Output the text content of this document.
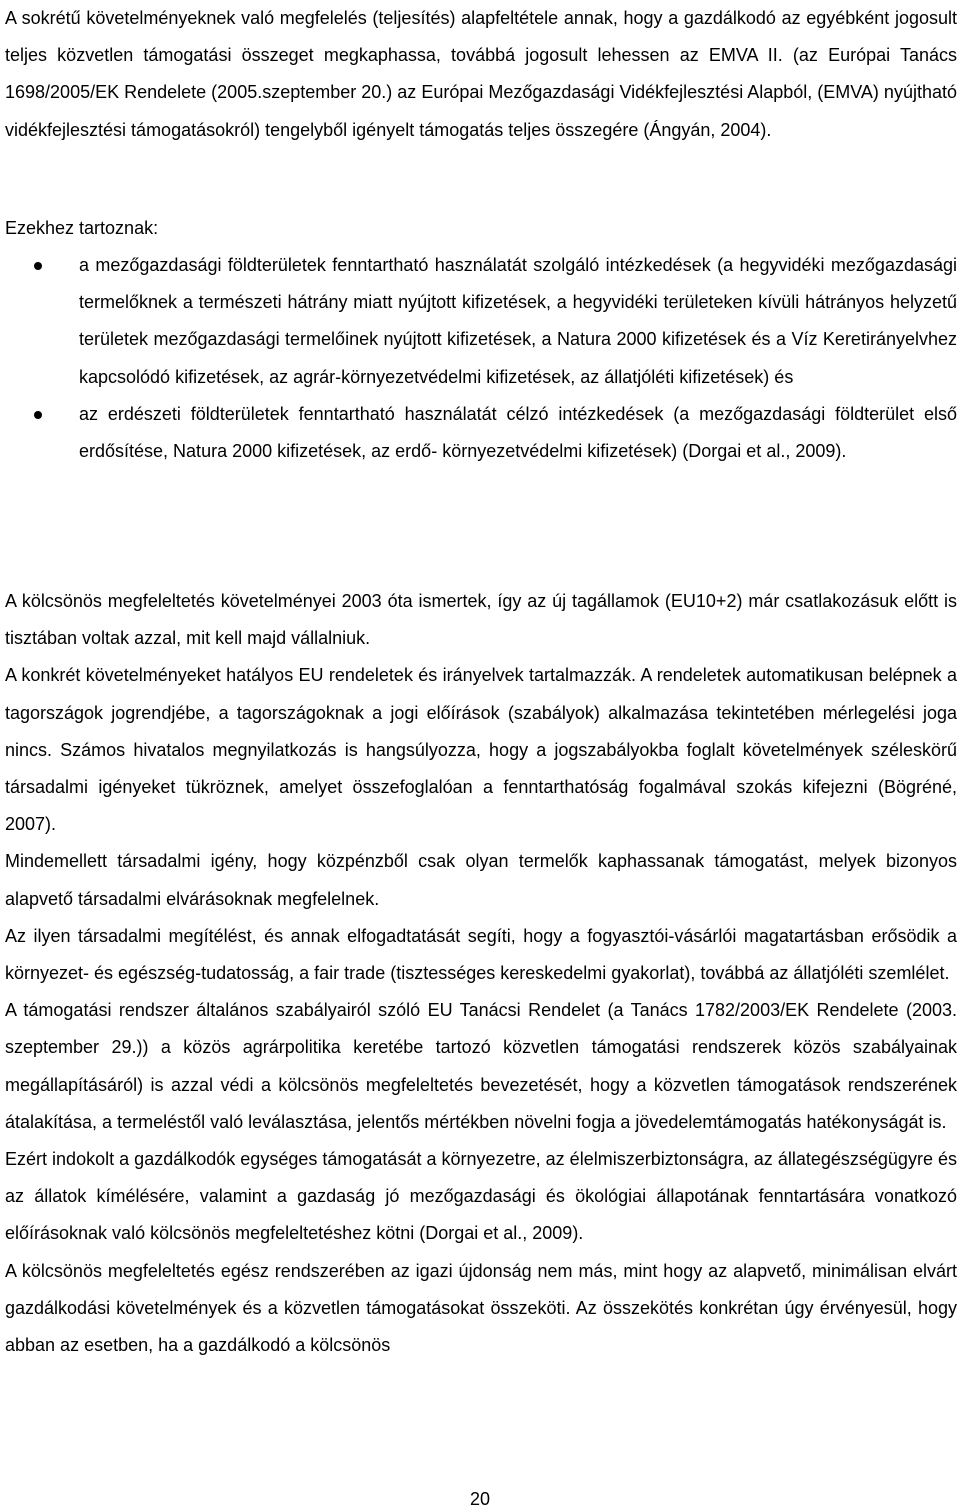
A sokrétű követelményeknek való megfelelés (teljesítés) alapfeltétele annak, hogy a gazdálkodó az egyébként jogosult teljes közvetlen támogatási összeget megkaphassa, továbbá jogosult lehessen az EMVA II. (az Európai Tanács 1698/2005/EK Rendelete (2005.szeptember 20.) az Európai Mezőgazdasági Vidékfejlesztési Alapból, (EMVA) nyújtható vidékfejlesztési támogatásokról) tengelyből igényelt támogatás teljes összegére (Ángyán, 2004).

Ezekhez tartoznak:

a mezőgazdasági földterületek fenntartható használatát szolgáló intézkedések (a hegyvidéki mezőgazdasági termelőknek a természeti hátrány miatt nyújtott kifizetések, a hegyvidéki területeken kívüli hátrányos helyzetű területek mezőgazdasági termelőinek nyújtott kifizetések, a Natura 2000 kifizetések és a Víz Keretirányelvhez kapcsolódó kifizetések, az agrár-környezetvédelmi kifizetések, az állatjóléti kifizetések) és
az erdészeti földterületek fenntartható használatát célzó intézkedések (a mezőgazdasági földterület első erdősítése, Natura 2000 kifizetések, az erdő- környezetvédelmi kifizetések) (Dorgai et al., 2009).

A kölcsönös megfeleltetés követelményei 2003 óta ismertek, így az új tagállamok (EU10+2) már csatlakozásuk előtt is tisztában voltak azzal, mit kell majd vállalniuk.

A konkrét követelményeket hatályos EU rendeletek és irányelvek tartalmazzák. A rendeletek automatikusan belépnek a tagországok jogrendjébe, a tagországoknak a jogi előírások (szabályok) alkalmazása tekintetében mérlegelési joga nincs. Számos hivatalos megnyilatkozás is hangsúlyozza, hogy a jogszabályokba foglalt követelmények széleskörű társadalmi igényeket tükröznek, amelyet összefoglalóan a fenntarthatóság fogalmával szokás kifejezni (Bögréné, 2007).

Mindemellett társadalmi igény, hogy közpénzből csak olyan termelők kaphassanak támogatást, melyek bizonyos alapvető társadalmi elvárásoknak megfelelnek.

Az ilyen társadalmi megítélést, és annak elfogadtatását segíti, hogy a fogyasztói-vásárlói magatartásban erősödik a környezet- és egészség-tudatosság, a fair trade (tisztességes kereskedelmi gyakorlat), továbbá az állatjóléti szemlélet.

A támogatási rendszer általános szabályairól szóló EU Tanácsi Rendelet (a Tanács 1782/2003/EK Rendelete (2003. szeptember 29.)) a közös agrárpolitika keretébe tartozó közvetlen támogatási rendszerek közös szabályainak megállapításáról) is azzal védi a kölcsönös megfeleltetés bevezetését, hogy a közvetlen támogatások rendszerének átalakítása, a termeléstől való leválasztása, jelentős mértékben növelni fogja a jövedelemtámogatás hatékonyságát is.

Ezért indokolt a gazdálkodók egységes támogatását a környezetre, az élelmiszerbiztonságra, az állategészségügyre és az állatok kímélésére, valamint a gazdaság jó mezőgazdasági és ökológiai állapotának fenntartására vonatkozó előírásoknak való kölcsönös megfeleltetéshez kötni (Dorgai et al., 2009).

A kölcsönös megfeleltetés egész rendszerében az igazi újdonság nem más, mint hogy az alapvető, minimálisan elvárt gazdálkodási követelmények és a közvetlen támogatásokat összeköti. Az összekötés konkrétan úgy érvényesül, hogy abban az esetben, ha a gazdálkodó a kölcsönös

20
